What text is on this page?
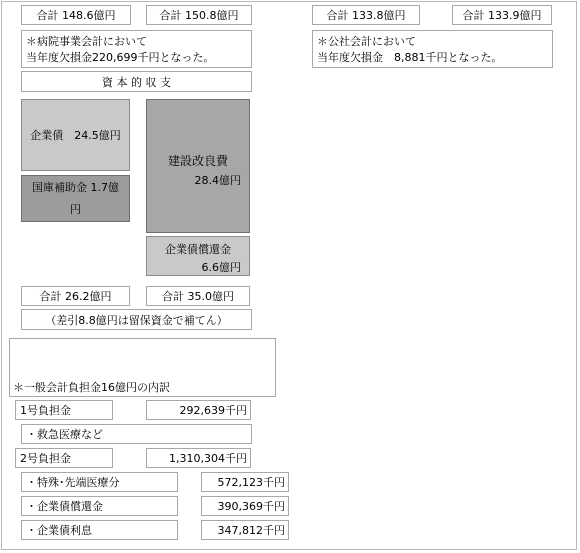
合計 148.6億円	合計 150.8億円	合計 133.8億円	合計 133.9億円
＊病院事業会計において
当年度欠損金220,699千円となった。
＊公社会計において
当年度欠損金　8,881千円となった。
資 本 的 収 支
企業債　24.5億円
国庫補助金 1.7億円
建設改良費
28.4億円
企業債償還金
6.6億円
合計 26.2億円	合計 35.0億円
（差引8.8億円は留保資金で補てん）
＊一般会計負担金16億円の内訳
1号負担金	292,639千円
・救急医療など
2号負担金	1,310,304千円
・特殊･先端医療分	572,123千円
・企業債償還金	390,369千円
・企業債利息	347,812千円
